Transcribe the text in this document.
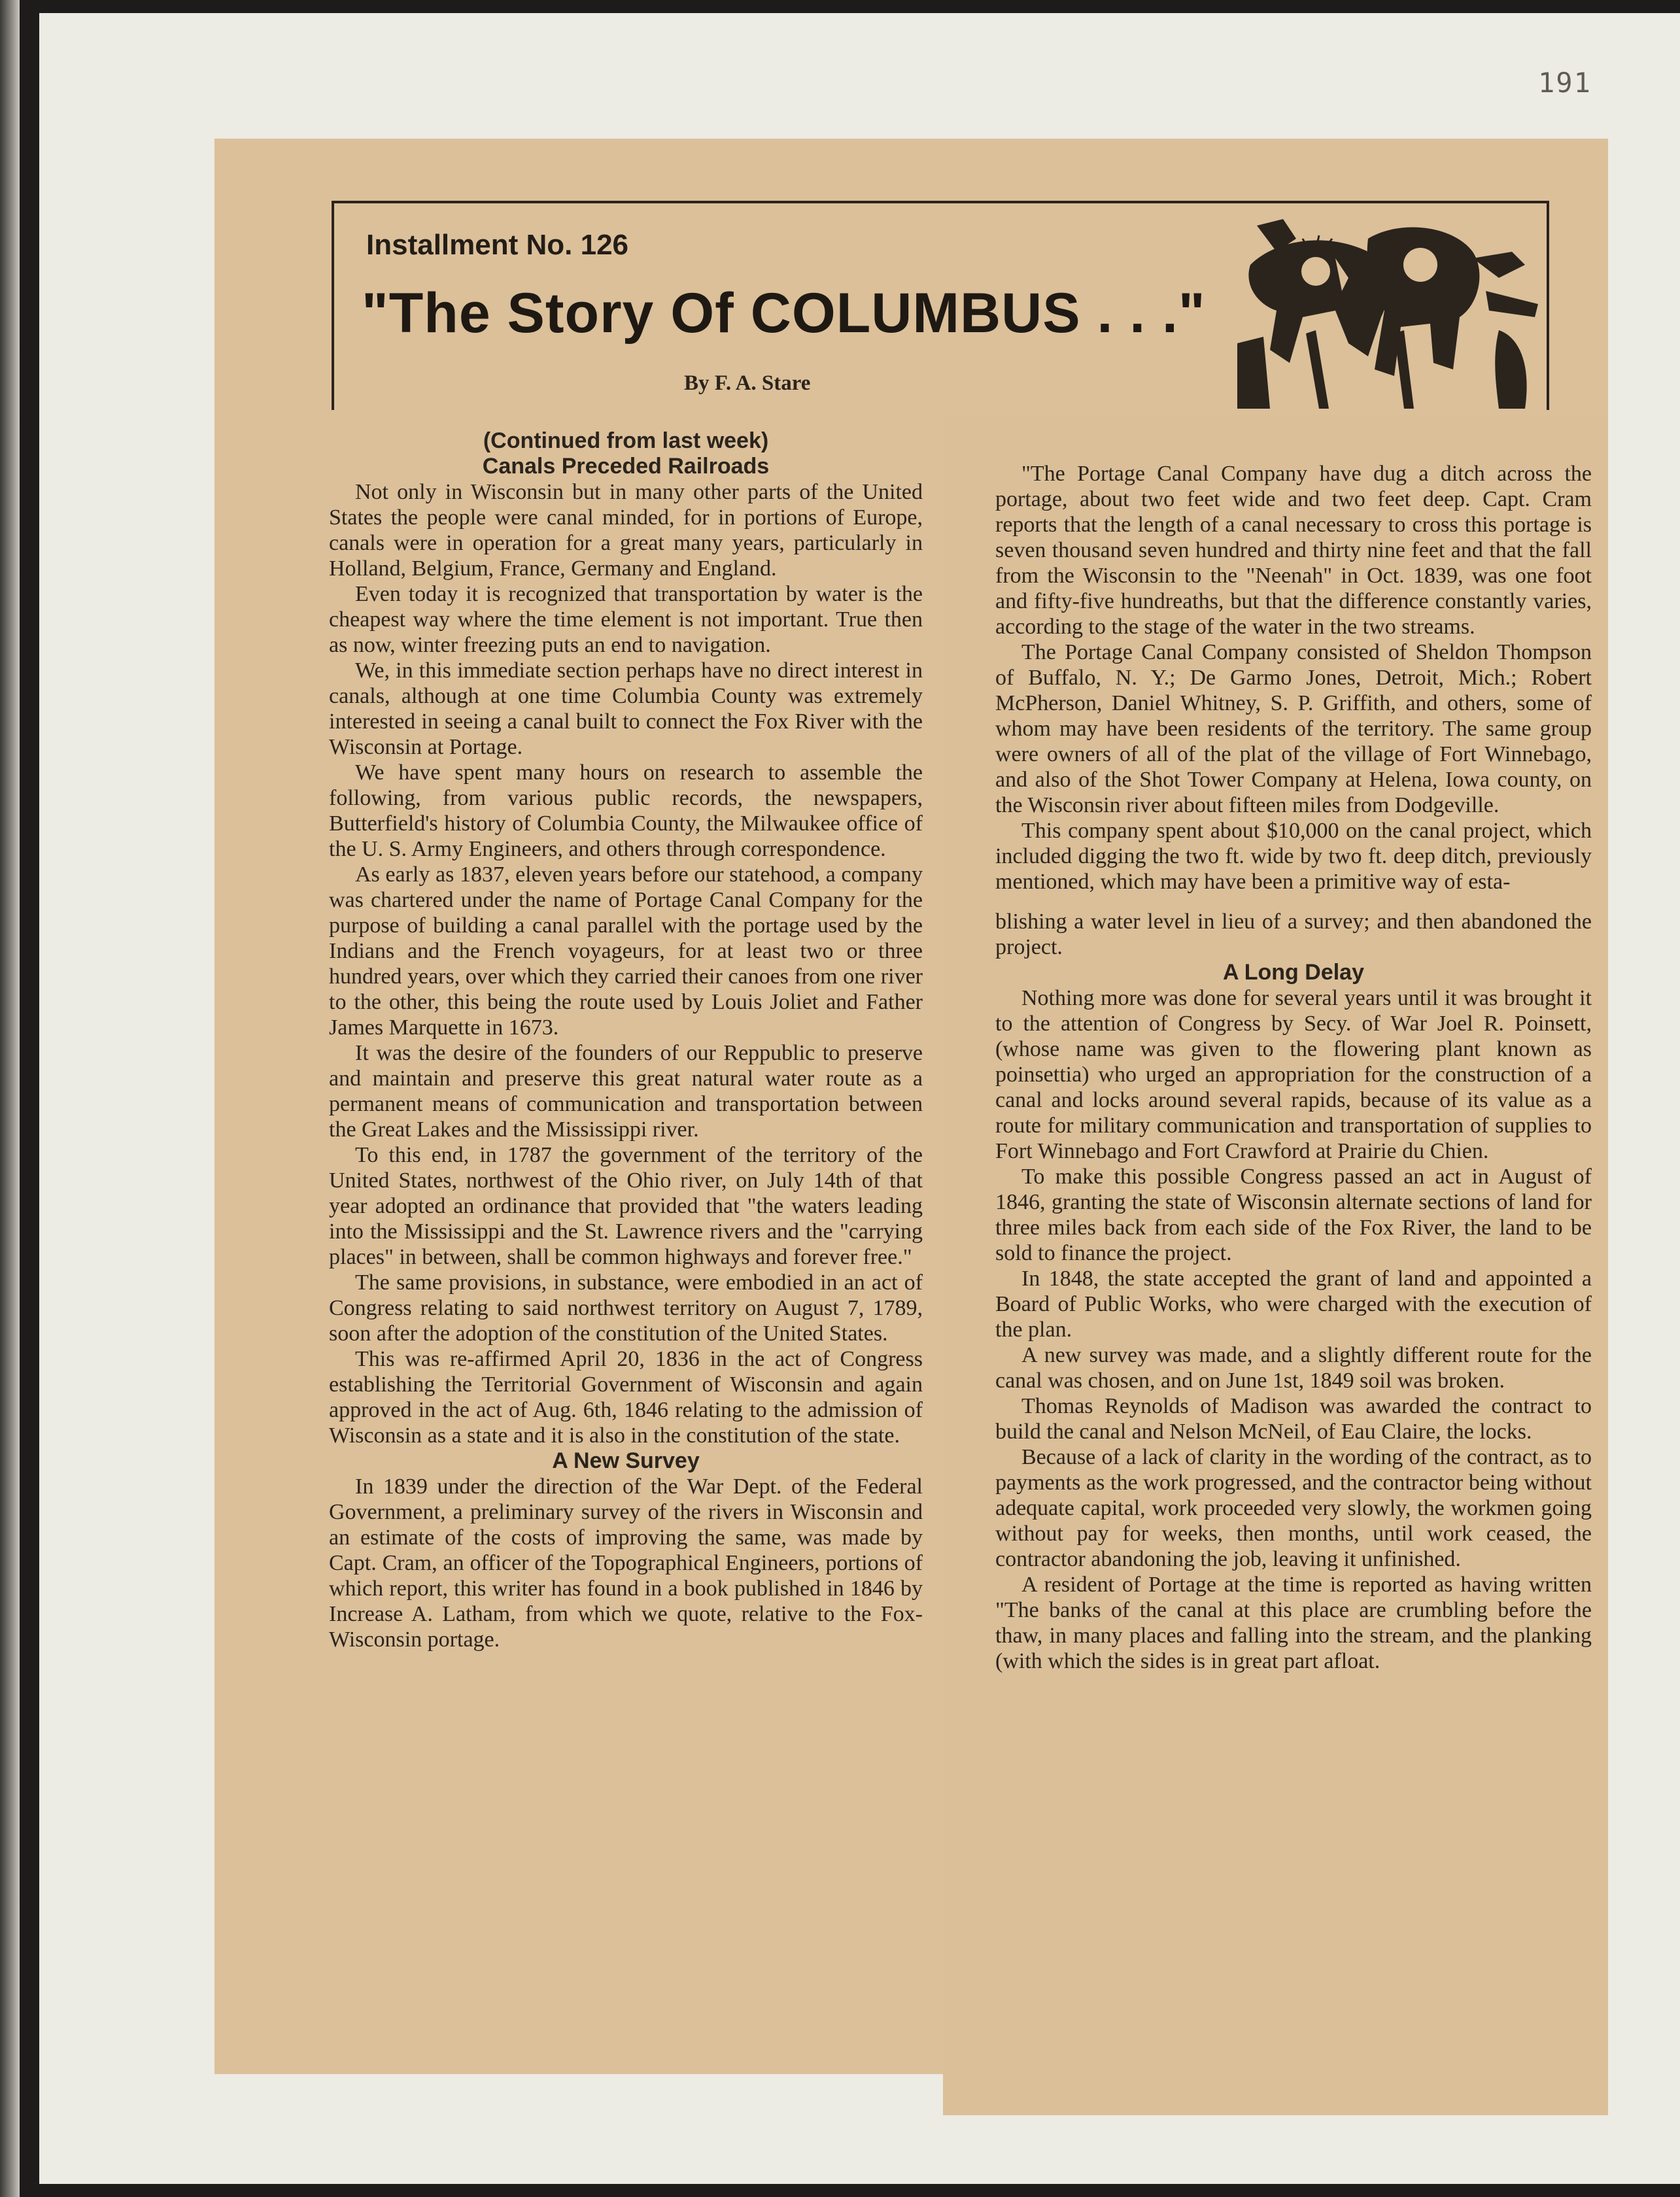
191
Installment No. 126
"The Story Of COLUMBUS . . ."
By F. A. Stare

(Continued from last week)

Canals Preceded Railroads

Not only in Wisconsin but in many other parts of the United States the people were canal minded, for in portions of Europe, canals were in operation for a great many years, particularly in Holland, Belgium, France, Germany and England.

Even today it is recognized that transportation by water is the cheapest way where the time element is not important. True then as now, winter freezing puts an end to navigation.

We, in this immediate section perhaps have no direct interest in canals, although at one time Columbia County was extremely interested in seeing a canal built to connect the Fox River with the Wisconsin at Portage.

We have spent many hours on research to assemble the following, from various public records, the newspapers, Butterfield's history of Columbia County, the Milwaukee office of the U. S. Army Engineers, and others through correspondence.

As early as 1837, eleven years before our statehood, a company was chartered under the name of Portage Canal Company for the purpose of building a canal parallel with the portage used by the Indians and the French voyageurs, for at least two or three hundred years, over which they carried their canoes from one river to the other, this being the route used by Louis Joliet and Father James Marquette in 1673.

It was the desire of the founders of our Reppublic to preserve and maintain and preserve this great natural water route as a permanent means of communication and transportation between the Great Lakes and the Mississippi river.

To this end, in 1787 the government of the territory of the United States, northwest of the Ohio river, on July 14th of that year adopted an ordinance that provided that "the waters leading into the Mississippi and the St. Lawrence rivers and the "carrying places" in between, shall be common highways and forever free."

The same provisions, in substance, were embodied in an act of Congress relating to said northwest territory on August 7, 1789, soon after the adoption of the constitution of the United States.

This was re-affirmed April 20, 1836 in the act of Congress establishing the Territorial Government of Wisconsin and again approved in the act of Aug. 6th, 1846 relating to the admission of Wisconsin as a state and it is also in the constitution of the state.

A New Survey

In 1839 under the direction of the War Dept. of the Federal Government, a preliminary survey of the rivers in Wisconsin and an estimate of the costs of improving the same, was made by Capt. Cram, an officer of the Topographical Engineers, portions of which report, this writer has found in a book published in 1846 by Increase A. Latham, from which we quote, relative to the Fox-Wisconsin portage.

"The Portage Canal Company have dug a ditch across the portage, about two feet wide and two feet deep. Capt. Cram reports that the length of a canal necessary to cross this portage is seven thousand seven hundred and thirty nine feet and that the fall from the Wisconsin to the "Neenah" in Oct. 1839, was one foot and fifty-five hundreaths, but that the difference constantly varies, according to the stage of the water in the two streams.

The Portage Canal Company consisted of Sheldon Thompson of Buffalo, N. Y.; De Garmo Jones, Detroit, Mich.; Robert McPherson, Daniel Whitney, S. P. Griffith, and others, some of whom may have been residents of the territory. The same group were owners of all of the plat of the village of Fort Winnebago, and also of the Shot Tower Company at Helena, Iowa county, on the Wisconsin river about fifteen miles from Dodgeville.

This company spent about $10,000 on the canal project, which included digging the two ft. wide by two ft. deep ditch, previously mentioned, which may have been a primitive way of esta-

blishing a water level in lieu of a survey; and then abandoned the project.

A Long Delay

Nothing more was done for several years until it was brought it to the attention of Congress by Secy. of War Joel R. Poinsett, (whose name was given to the flowering plant known as poinsettia) who urged an appropriation for the construction of a canal and locks around several rapids, because of its value as a route for military communication and transportation of supplies to Fort Winnebago and Fort Crawford at Prairie du Chien.

To make this possible Congress passed an act in August of 1846, granting the state of Wisconsin alternate sections of land for three miles back from each side of the Fox River, the land to be sold to finance the project.

In 1848, the state accepted the grant of land and appointed a Board of Public Works, who were charged with the execution of the plan.

A new survey was made, and a slightly different route for the canal was chosen, and on June 1st, 1849 soil was broken.

Thomas Reynolds of Madison was awarded the contract to build the canal and Nelson McNeil, of Eau Claire, the locks.

Because of a lack of clarity in the wording of the contract, as to payments as the work progressed, and the contractor being without adequate capital, work proceeded very slowly, the workmen going without pay for weeks, then months, until work ceased, the contractor abandoning the job, leaving it unfinished.

A resident of Portage at the time is reported as having written "The banks of the canal at this place are crumbling before the thaw, in many places and falling into the stream, and the planking (with which the sides is in great part afloat.
